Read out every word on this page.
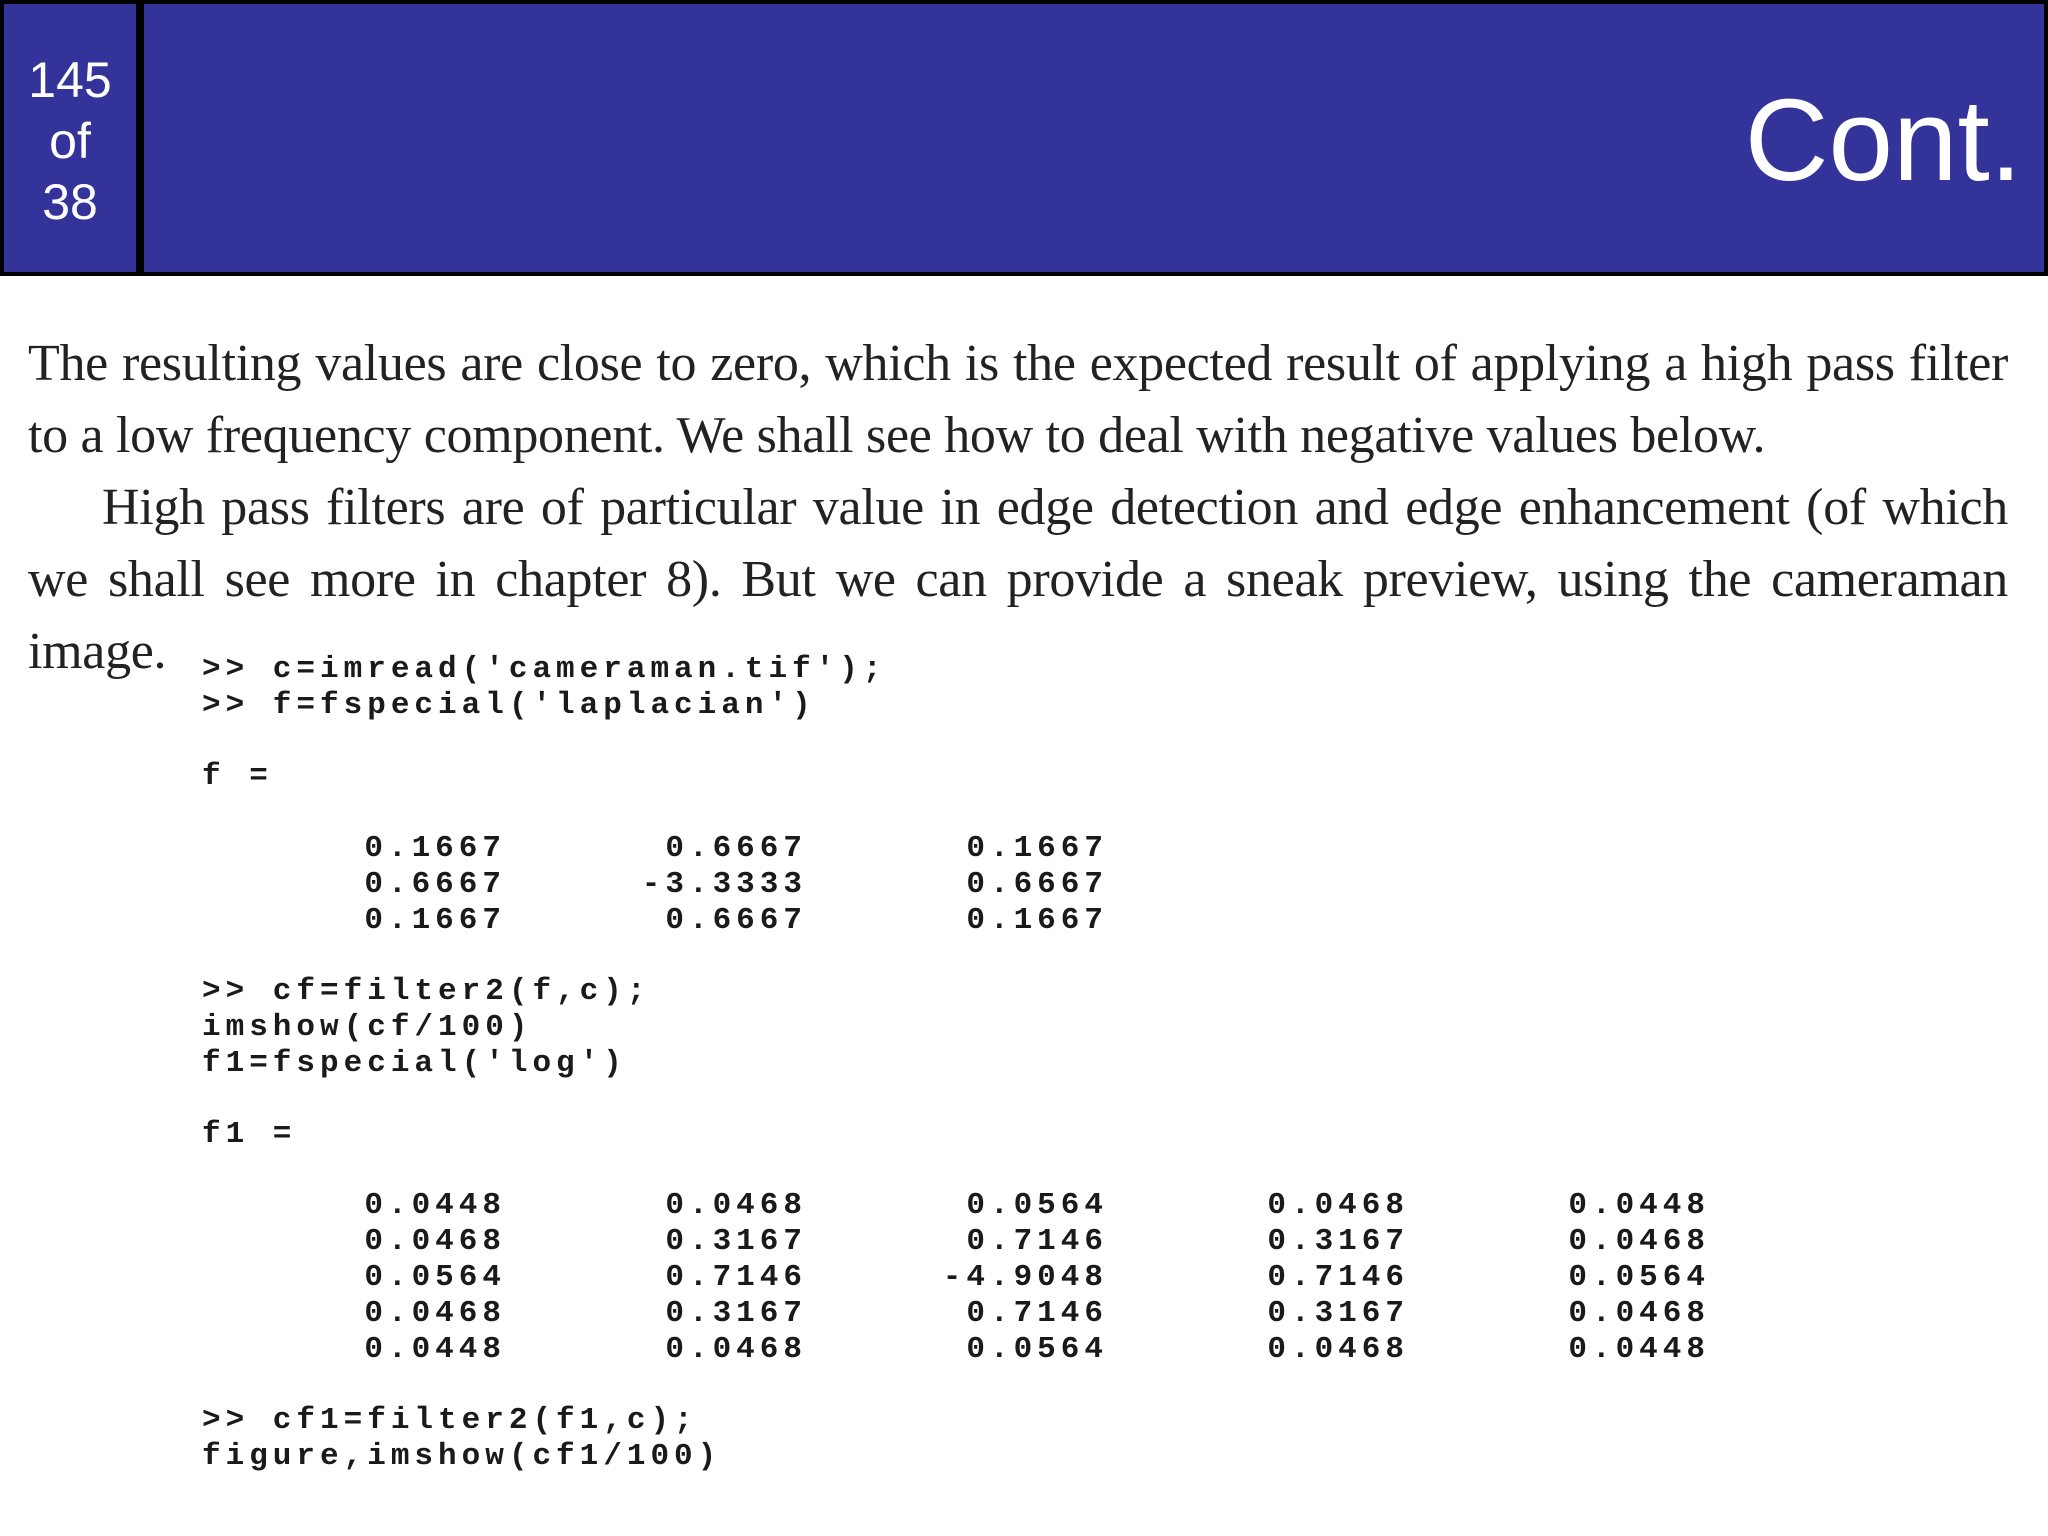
145
of
38	Cont.

The resulting values are close to zero, which is the expected result of applying a high pass filter to a low frequency component. We shall see how to deal with negative values below.

High pass filters are of particular value in edge detection and edge enhancement (of which we shall see more in chapter 8). But we can provide a sneak preview, using the cameraman image.	>> c=imread('cameraman.tif');
>> f=fspecial('laplacian')
f =
0.1667	0.6667	0.1667
0.6667	-3.3333	0.6667
0.1667	0.6667	0.1667
>> cf=filter2(f,c);
imshow(cf/100)
f1=fspecial('log')
f1 =
0.0448	0.0468	0.0564	0.0468	0.0448
0.0468	0.3167	0.7146	0.3167	0.0468
0.0564	0.7146	-4.9048	0.7146	0.0564
0.0468	0.3167	0.7146	0.3167	0.0468
0.0448	0.0468	0.0564	0.0468	0.0448
>> cf1=filter2(f1,c);
figure,imshow(cf1/100)
